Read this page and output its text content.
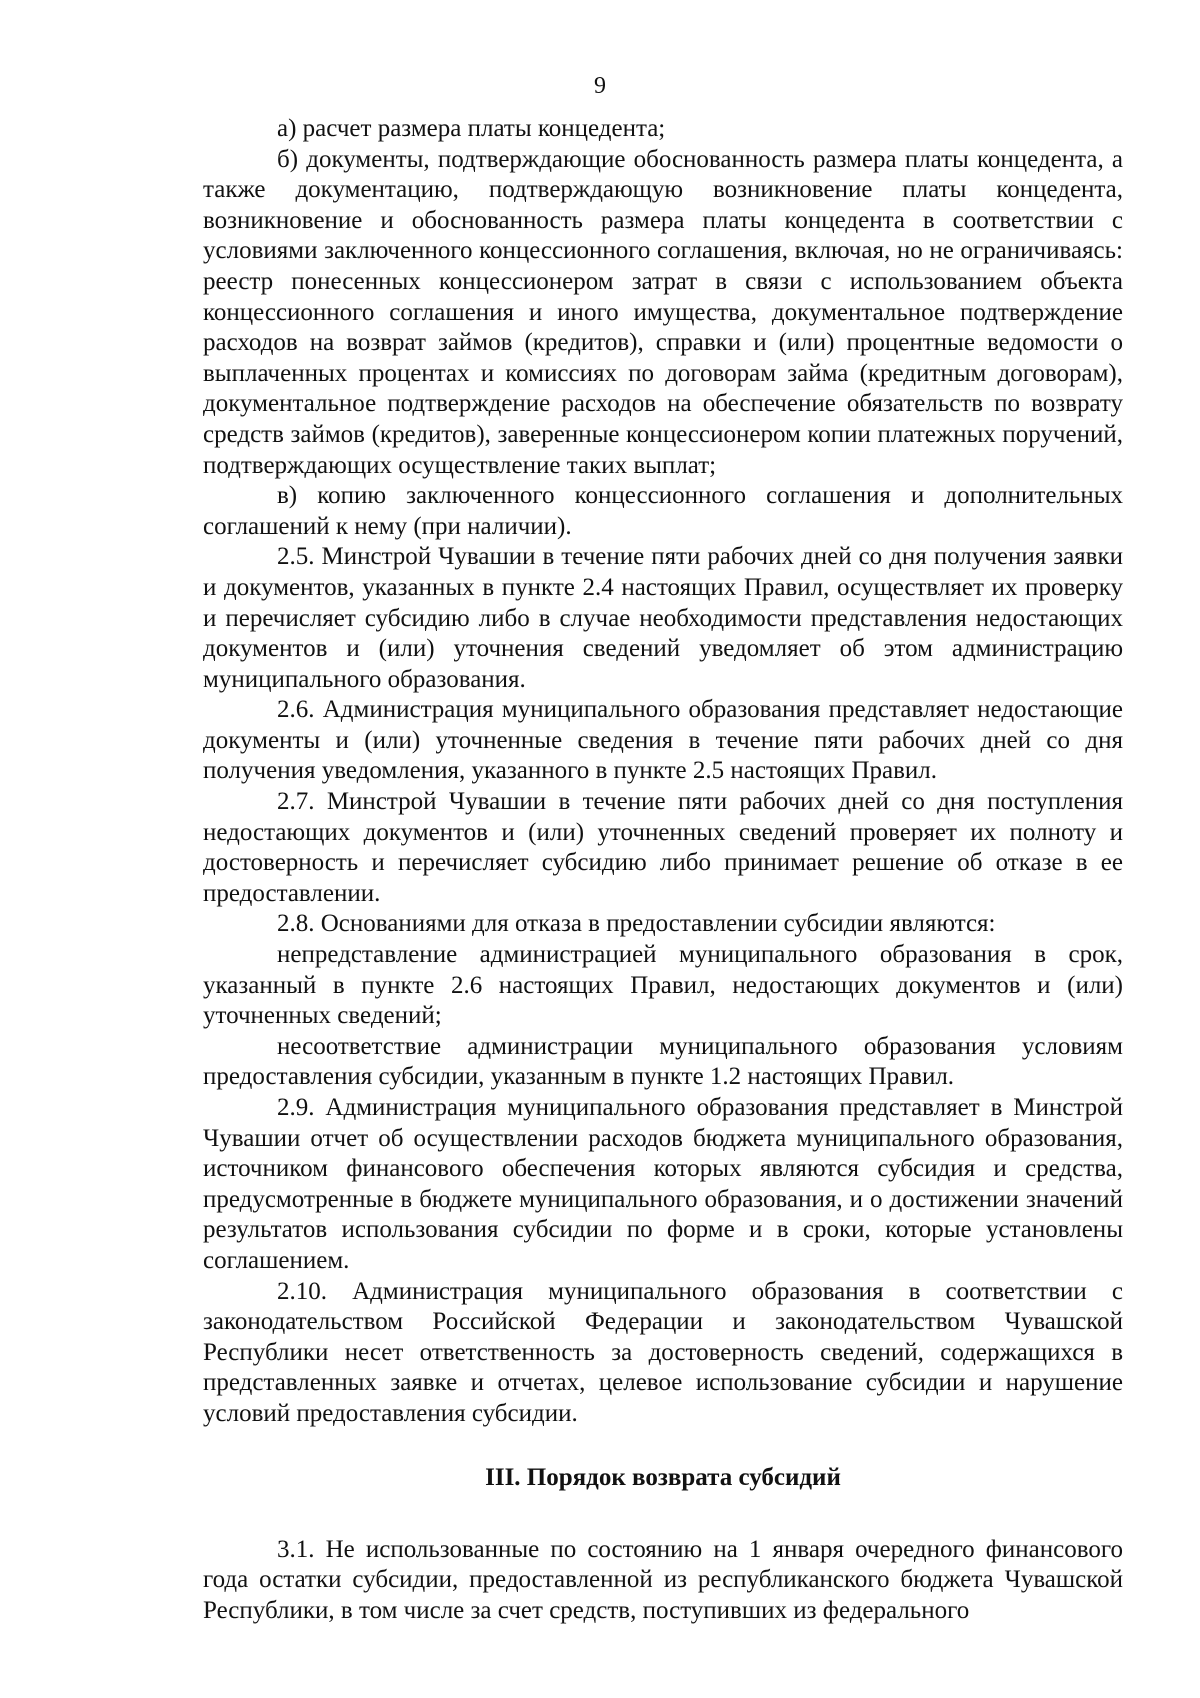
9

а) расчет размера платы концедента;

б) документы, подтверждающие обоснованность размера платы концедента, а также документацию, подтверждающую возникновение платы концедента, возникновение и обоснованность размера платы концедента в соответствии с условиями заключенного концессионного соглашения, включая, но не ограничиваясь: реестр понесенных концессионером затрат в связи с использованием объекта концессионного соглашения и иного имущества, документальное подтверждение расходов на возврат займов (кредитов), справки и (или) процентные ведомости о выплаченных процентах и комиссиях по договорам займа (кредитным договорам), документальное подтверждение расходов на обеспечение обязательств по возврату средств займов (кредитов), заверенные концессионером копии платежных поручений, подтверждающих осуществление таких выплат;

в) копию заключенного концессионного соглашения и дополнительных соглашений к нему (при наличии).

2.5. Минстрой Чувашии в течение пяти рабочих дней со дня получения заявки и документов, указанных в пункте 2.4 настоящих Правил, осуществляет их проверку и перечисляет субсидию либо в случае необходимости представления недостающих документов и (или) уточнения сведений уведомляет об этом администрацию муниципального образования.

2.6. Администрация муниципального образования представляет недостающие документы и (или) уточненные сведения в течение пяти рабочих дней со дня получения уведомления, указанного в пункте 2.5 настоящих Правил.

2.7. Минстрой Чувашии в течение пяти рабочих дней со дня поступления недостающих документов и (или) уточненных сведений проверяет их полноту и достоверность и перечисляет субсидию либо принимает решение об отказе в ее предоставлении.

2.8. Основаниями для отказа в предоставлении субсидии являются:

непредставление администрацией муниципального образования в срок, указанный в пункте 2.6 настоящих Правил, недостающих документов и (или) уточненных сведений;

несоответствие администрации муниципального образования условиям предоставления субсидии, указанным в пункте 1.2 настоящих Правил.

2.9. Администрация муниципального образования представляет в Минстрой Чувашии отчет об осуществлении расходов бюджета муниципального образования, источником финансового обеспечения которых являются субсидия и средства, предусмотренные в бюджете муниципального образования, и о достижении значений результатов использования субсидии по форме и в сроки, которые установлены соглашением.

2.10. Администрация муниципального образования в соответствии с законодательством Российской Федерации и законодательством Чувашской Республики несет ответственность за достоверность сведений, содержащихся в представленных заявке и отчетах, целевое использование субсидии и нарушение условий предоставления субсидии.

III. Порядок возврата субсидий

3.1. Не использованные по состоянию на 1 января очередного финансового года остатки субсидии, предоставленной из республиканского бюджета Чувашской Республики, в том числе за счет средств, поступивших из федерального
